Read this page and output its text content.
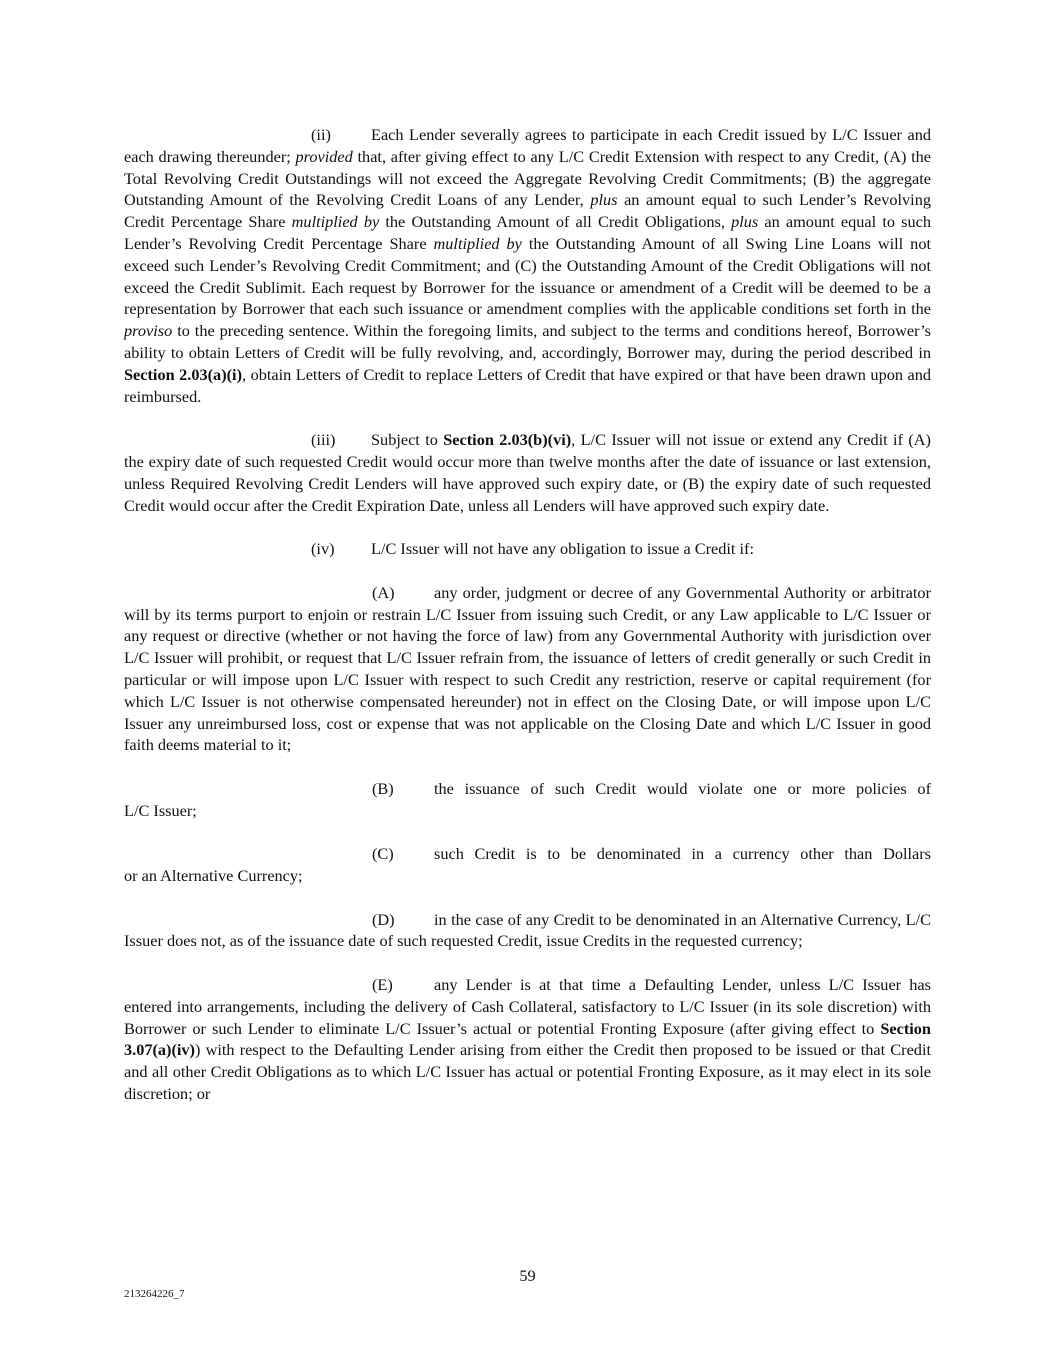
(ii) Each Lender severally agrees to participate in each Credit issued by L/C Issuer and each drawing thereunder; provided that, after giving effect to any L/C Credit Extension with respect to any Credit, (A) the Total Revolving Credit Outstandings will not exceed the Aggregate Revolving Credit Commitments; (B) the aggregate Outstanding Amount of the Revolving Credit Loans of any Lender, plus an amount equal to such Lender’s Revolving Credit Percentage Share multiplied by the Outstanding Amount of all Credit Obligations, plus an amount equal to such Lender’s Revolving Credit Percentage Share multiplied by the Outstanding Amount of all Swing Line Loans will not exceed such Lender’s Revolving Credit Commitment; and (C) the Outstanding Amount of the Credit Obligations will not exceed the Credit Sublimit. Each request by Borrower for the issuance or amendment of a Credit will be deemed to be a representation by Borrower that each such issuance or amendment complies with the applicable conditions set forth in the proviso to the preceding sentence. Within the foregoing limits, and subject to the terms and conditions hereof, Borrower’s ability to obtain Letters of Credit will be fully revolving, and, accordingly, Borrower may, during the period described in Section 2.03(a)(i), obtain Letters of Credit to replace Letters of Credit that have expired or that have been drawn upon and reimbursed.

(iii) Subject to Section 2.03(b)(vi), L/C Issuer will not issue or extend any Credit if (A) the expiry date of such requested Credit would occur more than twelve months after the date of issuance or last extension, unless Required Revolving Credit Lenders will have approved such expiry date, or (B) the expiry date of such requested Credit would occur after the Credit Expiration Date, unless all Lenders will have approved such expiry date.

(iv) L/C Issuer will not have any obligation to issue a Credit if:

(A) any order, judgment or decree of any Governmental Authority or arbitrator will by its terms purport to enjoin or restrain L/C Issuer from issuing such Credit, or any Law applicable to L/C Issuer or any request or directive (whether or not having the force of law) from any Governmental Authority with jurisdiction over L/C Issuer will prohibit, or request that L/C Issuer refrain from, the issuance of letters of credit generally or such Credit in particular or will impose upon L/C Issuer with respect to such Credit any restriction, reserve or capital requirement (for which L/C Issuer is not otherwise compensated hereunder) not in effect on the Closing Date, or will impose upon L/C Issuer any unreimbursed loss, cost or expense that was not applicable on the Closing Date and which L/C Issuer in good faith deems material to it;

(B) the issuance of such Credit would violate one or more policies of
L/C Issuer;
(C) such Credit is to be denominated in a currency other than Dollars
or an Alternative Currency;

(D) in the case of any Credit to be denominated in an Alternative Currency, L/C Issuer does not, as of the issuance date of such requested Credit, issue Credits in the requested currency;

(E)	any Lender is at that time a Defaulting Lender, unless L/C Issuer has entered into arrangements, including the delivery of Cash Collateral, satisfactory to L/C Issuer (in its sole discretion) with Borrower or such Lender to eliminate L/C Issuer’s actual or potential Fronting Exposure (after giving effect to Section 3.07(a)(iv)) with respect to the Defaulting Lender arising from either the Credit then proposed to be issued or that Credit and all other Credit Obligations as to which L/C Issuer has actual or potential Fronting Exposure, as it may elect in its sole discretion; or

59
213264226_7
